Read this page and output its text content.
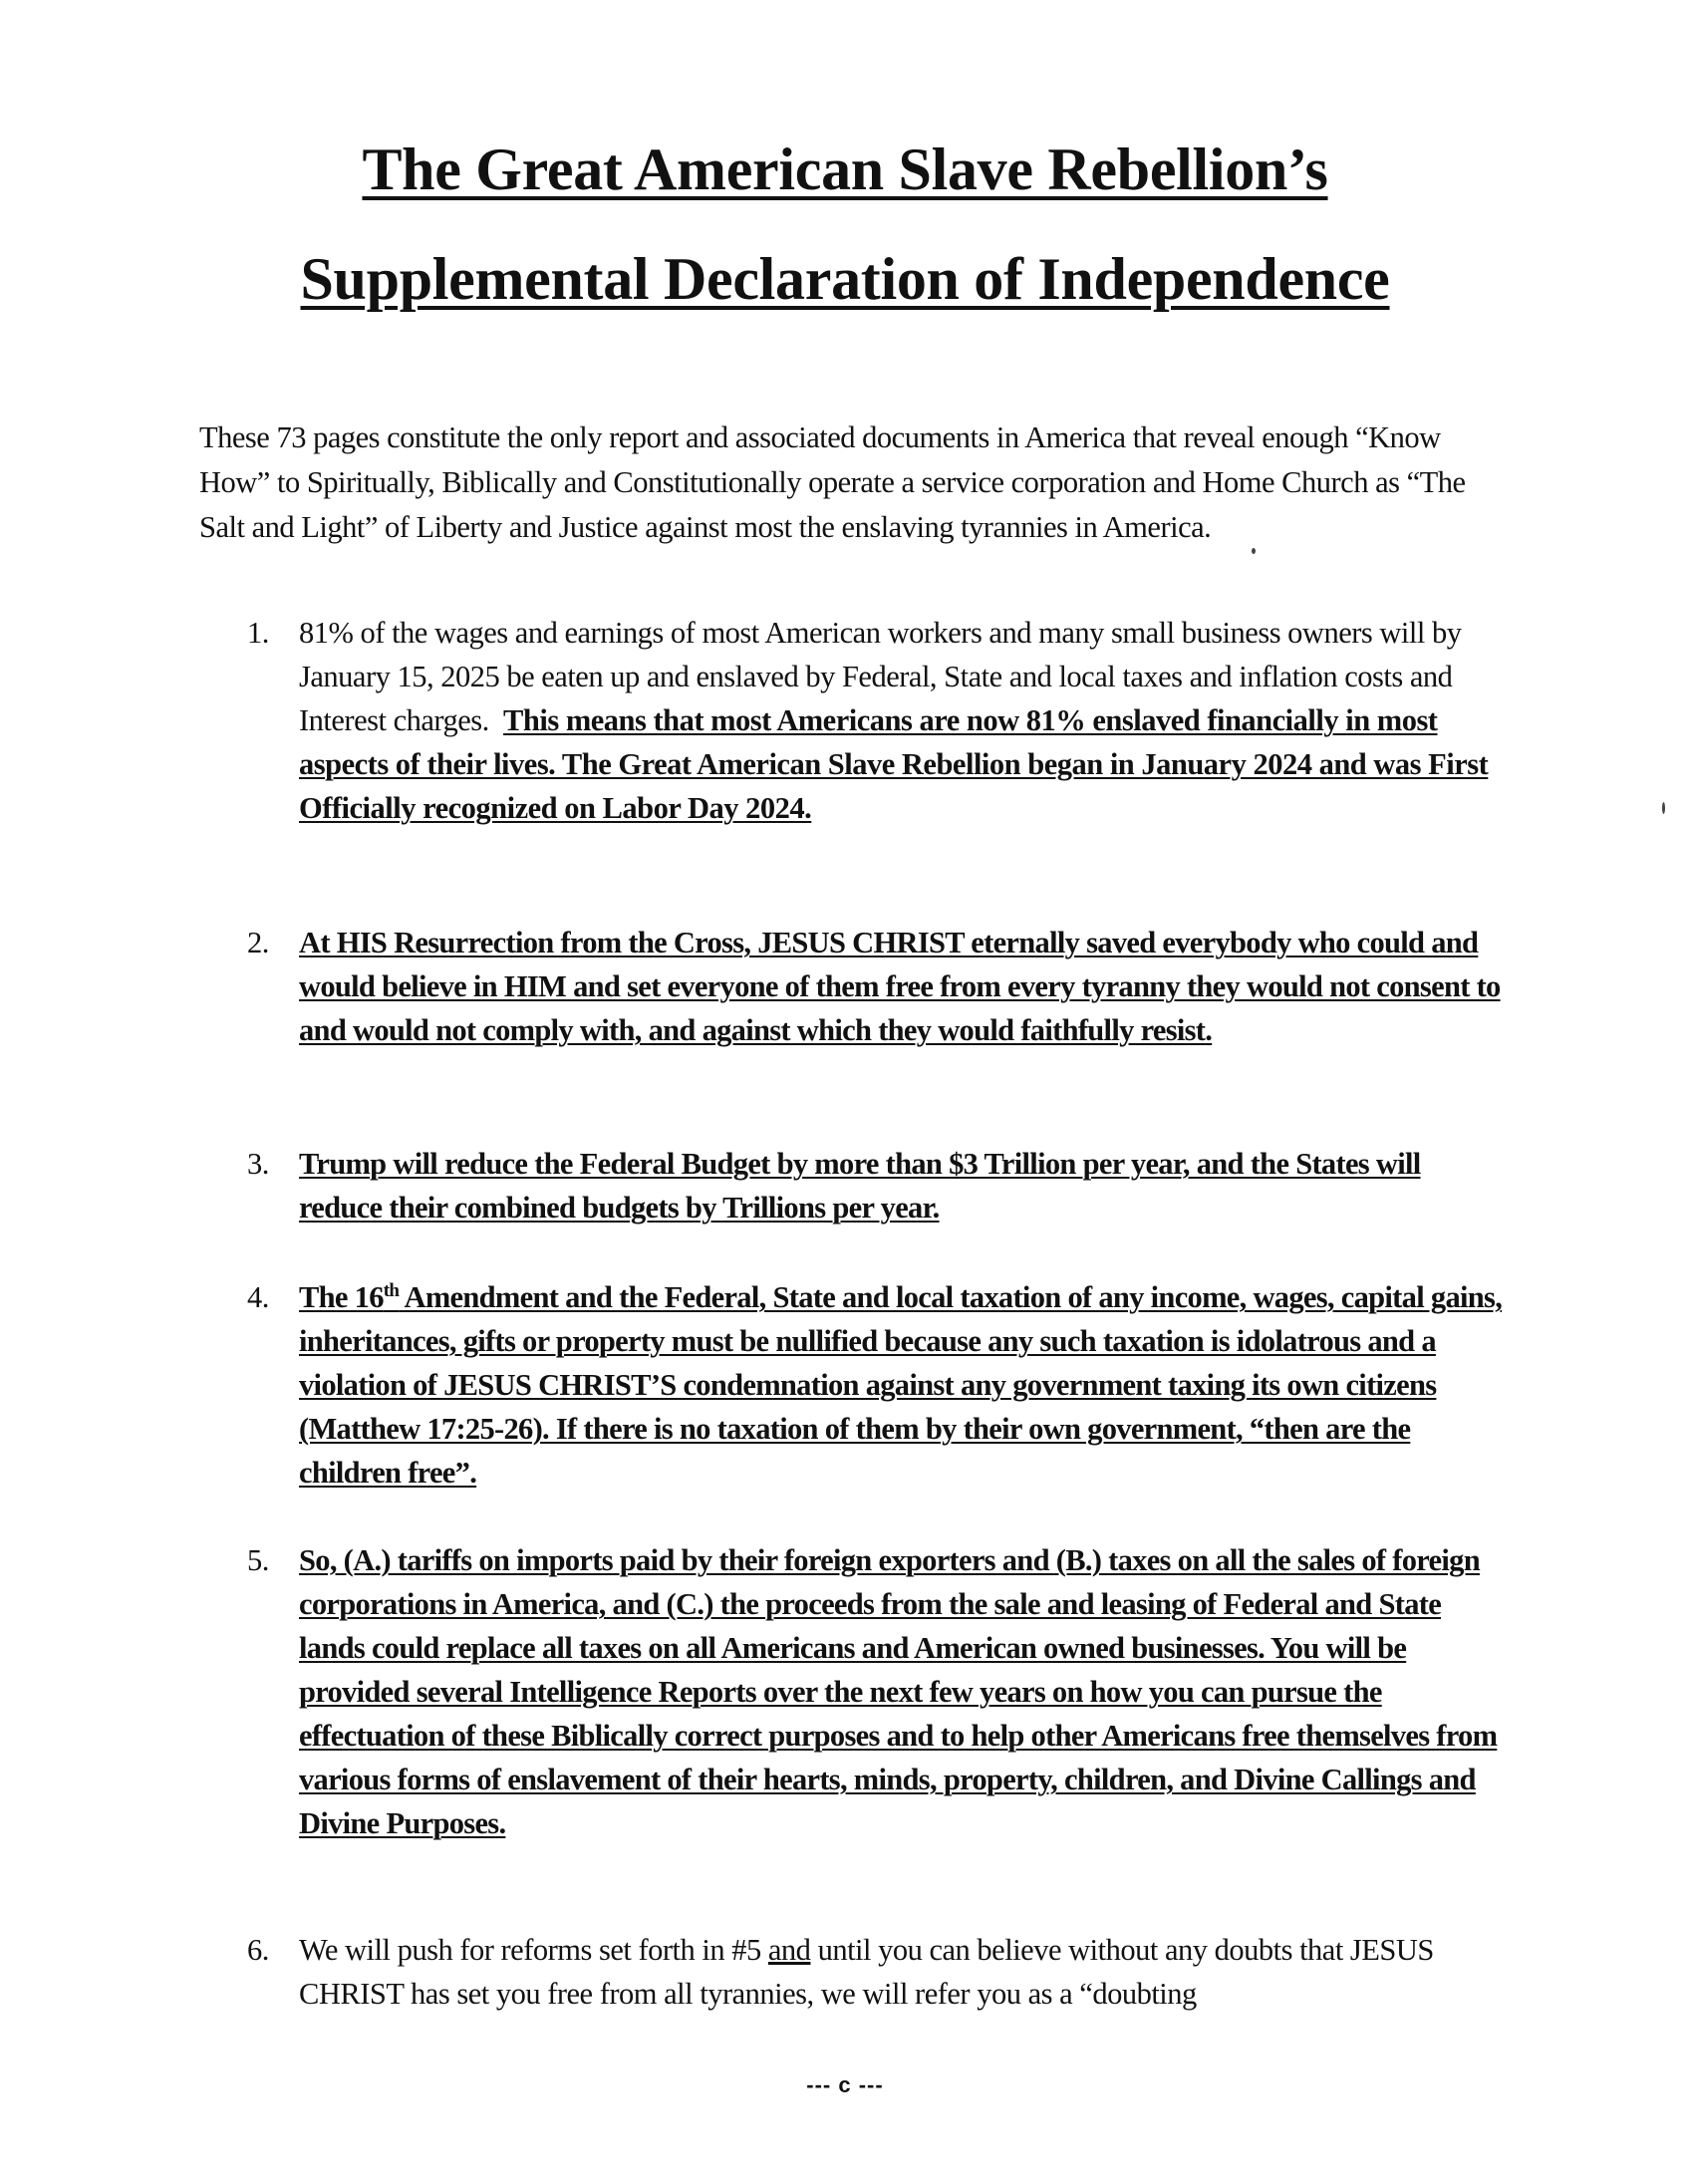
The Great American Slave Rebellion’s
Supplemental Declaration of Independence
These 73 pages constitute the only report and associated documents in America that reveal enough “Know How” to Spiritually, Biblically and Constitutionally operate a service corporation and Home Church as “The Salt and Light” of Liberty and Justice against most the enslaving tyrannies in America.
1. 81% of the wages and earnings of most American workers and many small business owners will by January 15, 2025 be eaten up and enslaved by Federal, State and local taxes and inflation costs and Interest charges. This means that most Americans are now 81% enslaved financially in most aspects of their lives. The Great American Slave Rebellion began in January 2024 and was First Officially recognized on Labor Day 2024.
2. At HIS Resurrection from the Cross, JESUS CHRIST eternally saved everybody who could and would believe in HIM and set everyone of them free from every tyranny they would not consent to and would not comply with, and against which they would faithfully resist.
3. Trump will reduce the Federal Budget by more than $3 Trillion per year, and the States will reduce their combined budgets by Trillions per year.
4. The 16th Amendment and the Federal, State and local taxation of any income, wages, capital gains, inheritances, gifts or property must be nullified because any such taxation is idolatrous and a violation of JESUS CHRIST’S condemnation against any government taxing its own citizens (Matthew 17:25-26). If there is no taxation of them by their own government, “then are the children free”.
5. So, (A.) tariffs on imports paid by their foreign exporters and (B.) taxes on all the sales of foreign corporations in America, and (C.) the proceeds from the sale and leasing of Federal and State lands could replace all taxes on all Americans and American owned businesses. You will be provided several Intelligence Reports over the next few years on how you can pursue the effectuation of these Biblically correct purposes and to help other Americans free themselves from various forms of enslavement of their hearts, minds, property, children, and Divine Callings and Divine Purposes.
6. We will push for reforms set forth in #5 and until you can believe without any doubts that JESUS CHRIST has set you free from all tyrannies, we will refer you as a “doubting
--- c ---
